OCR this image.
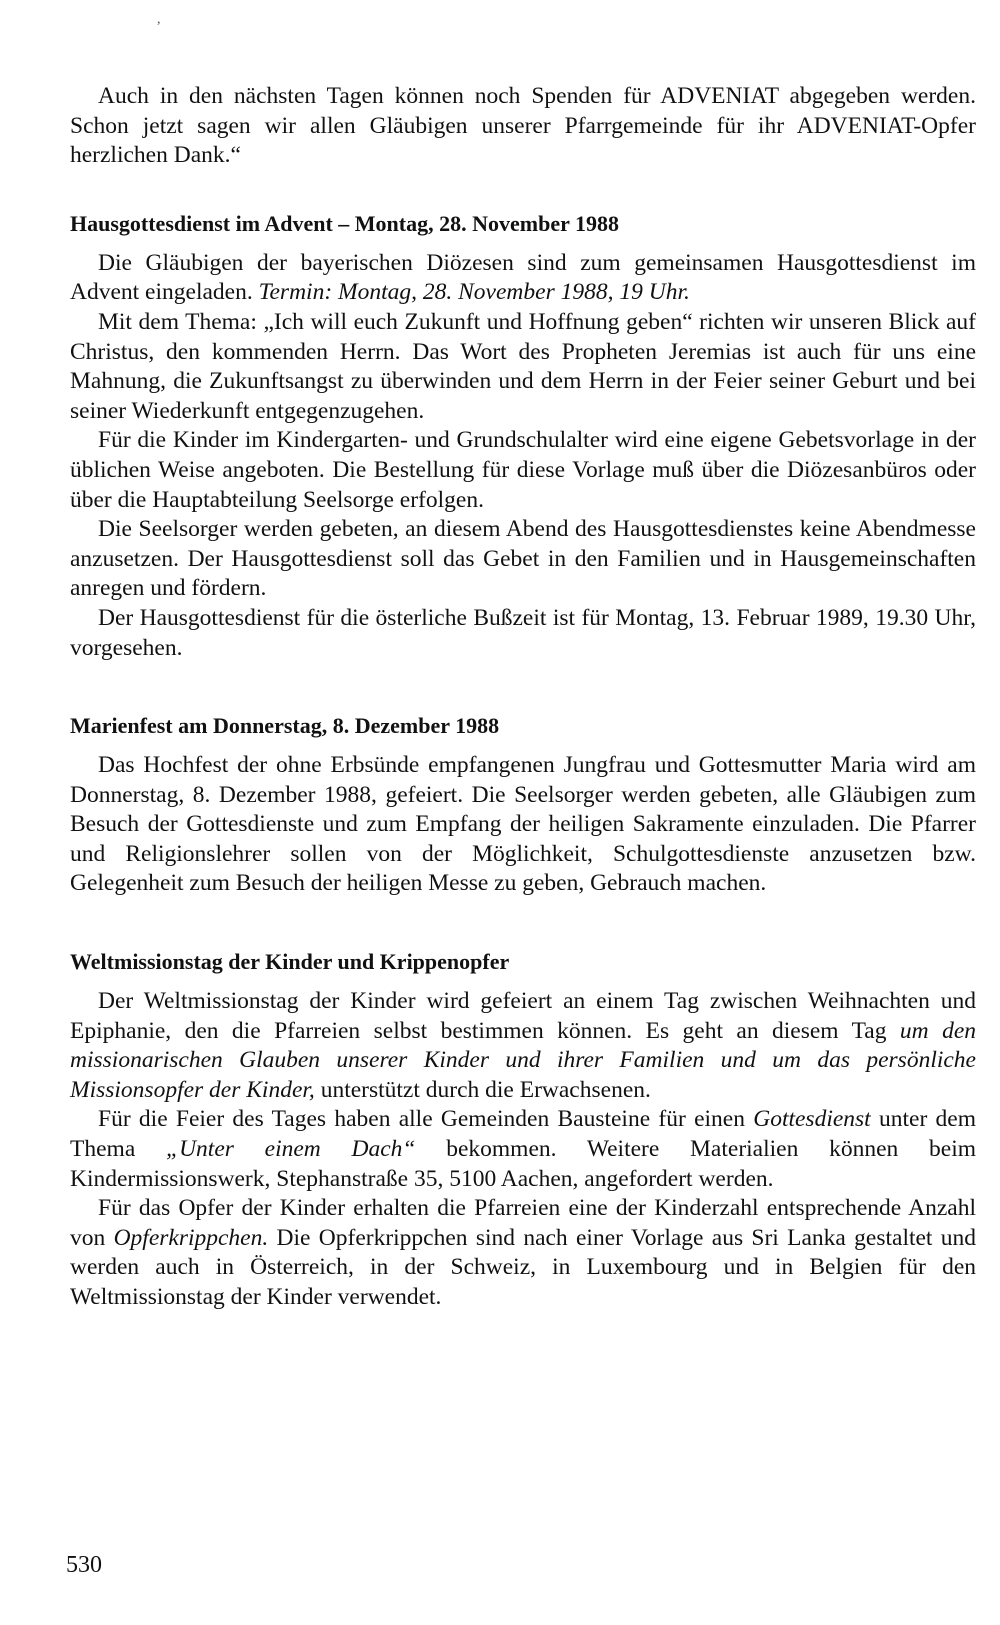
,

Auch in den nächsten Tagen können noch Spenden für ADVENIAT abgegeben werden. Schon jetzt sagen wir allen Gläubigen unserer Pfarrgemeinde für ihr ADVENIAT-Opfer herzlichen Dank.“

Hausgottesdienst im Advent – Montag, 28. November 1988

Die Gläubigen der bayerischen Diözesen sind zum gemeinsamen Hausgottesdienst im Advent eingeladen. Termin: Montag, 28. November 1988, 19 Uhr.

Mit dem Thema: „Ich will euch Zukunft und Hoffnung geben“ richten wir unseren Blick auf Christus, den kommenden Herrn. Das Wort des Propheten Jeremias ist auch für uns eine Mahnung, die Zukunftsangst zu überwinden und dem Herrn in der Feier seiner Geburt und bei seiner Wiederkunft entgegenzugehen.

Für die Kinder im Kindergarten- und Grundschulalter wird eine eigene Gebetsvorlage in der üblichen Weise angeboten. Die Bestellung für diese Vorlage muß über die Diözesanbüros oder über die Hauptabteilung Seelsorge erfolgen.

Die Seelsorger werden gebeten, an diesem Abend des Hausgottesdienstes keine Abendmesse anzusetzen. Der Hausgottesdienst soll das Gebet in den Familien und in Hausgemeinschaften anregen und fördern.

Der Hausgottesdienst für die österliche Bußzeit ist für Montag, 13. Februar 1989, 19.30 Uhr, vorgesehen.

Marienfest am Donnerstag, 8. Dezember 1988

Das Hochfest der ohne Erbsünde empfangenen Jungfrau und Gottesmutter Maria wird am Donnerstag, 8. Dezember 1988, gefeiert. Die Seelsorger werden gebeten, alle Gläubigen zum Besuch der Gottesdienste und zum Empfang der heiligen Sakramente einzuladen. Die Pfarrer und Religionslehrer sollen von der Möglichkeit, Schulgottesdienste anzusetzen bzw. Gelegenheit zum Besuch der heiligen Messe zu geben, Gebrauch machen.

Weltmissionstag der Kinder und Krippenopfer

Der Weltmissionstag der Kinder wird gefeiert an einem Tag zwischen Weihnachten und Epiphanie, den die Pfarreien selbst bestimmen können. Es geht an diesem Tag um den missionarischen Glauben unserer Kinder und ihrer Familien und um das persönliche Missionsopfer der Kinder, unterstützt durch die Erwachsenen.

Für die Feier des Tages haben alle Gemeinden Bausteine für einen Gottesdienst unter dem Thema „Unter einem Dach“ bekommen. Weitere Materialien können beim Kindermissionswerk, Stephanstraße 35, 5100 Aachen, angefordert werden.

Für das Opfer der Kinder erhalten die Pfarreien eine der Kinderzahl entsprechende Anzahl von Opferkrippchen. Die Opferkrippchen sind nach einer Vorlage aus Sri Lanka gestaltet und werden auch in Österreich, in der Schweiz, in Luxembourg und in Belgien für den Weltmissionstag der Kinder verwendet.

530
